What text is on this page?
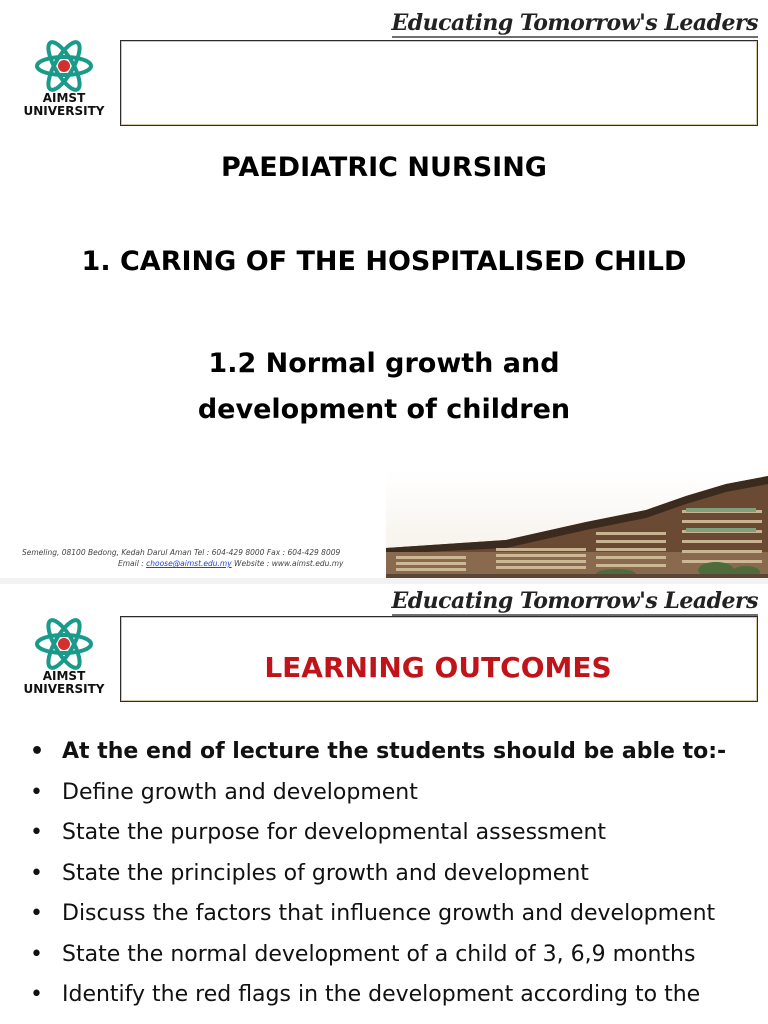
Educating Tomorrow's Leaders
AIMST
UNIVERSITY
PAEDIATRIC NURSING
1. CARING OF THE HOSPITALISED CHILD
1.2 Normal growth and
development of children
Semeling, 08100 Bedong, Kedah Darul Aman Tel : 604-429 8000 Fax : 604-429 8009
Email : choose@aimst.edu.my Website : www.aimst.edu.my
Educating Tomorrow's Leaders
AIMST
UNIVERSITY
LEARNING OUTCOMES
• At the end of lecture the students should be able to:-
• Define growth and development
• State the purpose for developmental assessment
• State the principles of growth and development
• Discuss the factors that influence growth and development
• State the normal development of a child of 3, 6,9 months
• Identify the red flags in the development according to the
